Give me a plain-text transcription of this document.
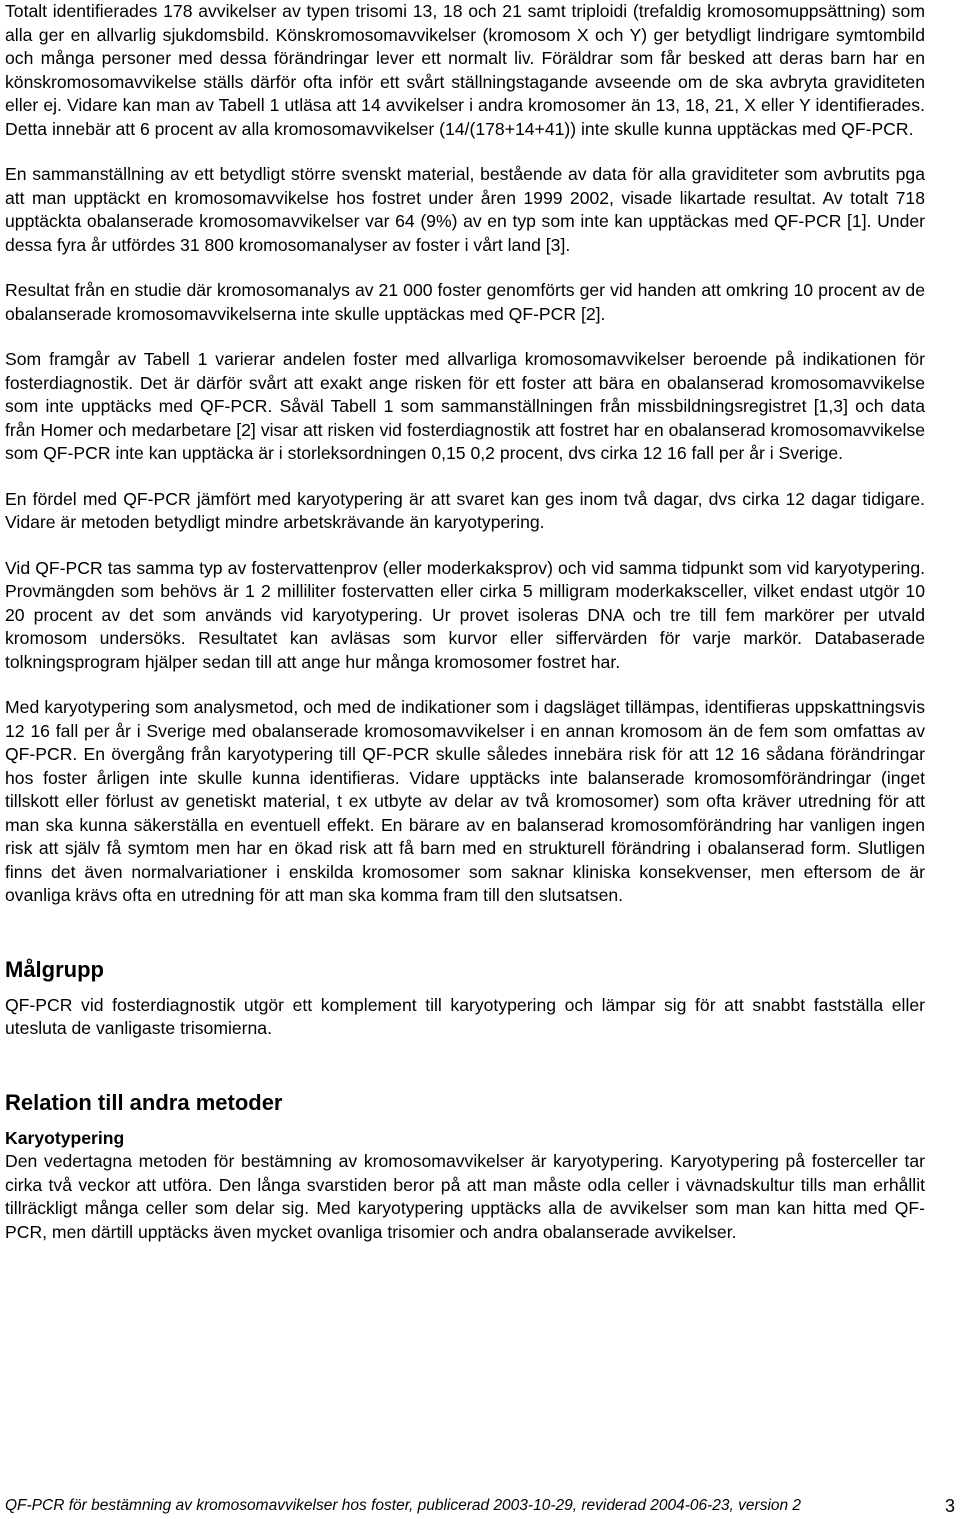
Totalt identifierades 178 avvikelser av typen trisomi 13, 18 och 21 samt triploidi (trefaldig kromosomuppsättning) som alla ger en allvarlig sjukdomsbild. Könskromosomavvikelser (kromosom X och Y) ger betydligt lindrigare symtombild och många personer med dessa förändringar lever ett normalt liv. Föräldrar som får besked att deras barn har en könskromosomavvikelse ställs därför ofta inför ett svårt ställningstagande avseende om de ska avbryta graviditeten eller ej. Vidare kan man av Tabell 1 utläsa att 14 avvikelser i andra kromosomer än 13, 18, 21, X eller Y identifierades. Detta innebär att 6 procent av alla kromosomavvikelser (14/(178+14+41)) inte skulle kunna upptäckas med QF-PCR.

En sammanställning av ett betydligt större svenskt material, bestående av data för alla graviditeter som avbrutits pga att man upptäckt en kromosomavvikelse hos fostret under åren 1999 2002, visade likartade resultat. Av totalt 718 upptäckta obalanserade kromosomavvikelser var 64 (9%) av en typ som inte kan upptäckas med QF-PCR [1]. Under dessa fyra år utfördes 31 800 kromosomanalyser av foster i vårt land [3].

Resultat från en studie där kromosomanalys av 21 000 foster genomförts ger vid handen att omkring 10 procent av de obalanserade kromosomavvikelserna inte skulle upptäckas med QF-PCR [2].

Som framgår av Tabell 1 varierar andelen foster med allvarliga kromosomavvikelser beroende på indikationen för fosterdiagnostik. Det är därför svårt att exakt ange risken för ett foster att bära en obalanserad kromosomavvikelse som inte upptäcks med QF-PCR. Såväl Tabell 1 som sammanställningen från missbildningsregistret [1,3] och data från Homer och medarbetare [2] visar att risken vid fosterdiagnostik att fostret har en obalanserad kromosomavvikelse som QF-PCR inte kan upptäcka är i storleksordningen 0,15 0,2 procent, dvs cirka 12 16 fall per år i Sverige.

En fördel med QF-PCR jämfört med karyotypering är att svaret kan ges inom två dagar, dvs cirka 12 dagar tidigare. Vidare är metoden betydligt mindre arbetskrävande än karyotypering.

Vid QF-PCR tas samma typ av fostervattenprov (eller moderkaksprov) och vid samma tidpunkt som vid karyotypering. Provmängden som behövs är 1 2 milliliter fostervatten eller cirka 5 milligram moderkaksceller, vilket endast utgör 10 20 procent av det som används vid karyotypering. Ur provet isoleras DNA och tre till fem markörer per utvald kromosom undersöks. Resultatet kan avläsas som kurvor eller siffervärden för varje markör. Databaserade tolkningsprogram hjälper sedan till att ange hur många kromosomer fostret har.

Med karyotypering som analysmetod, och med de indikationer som i dagsläget tillämpas, identifieras uppskattningsvis 12 16 fall per år i Sverige med obalanserade kromosomavvikelser i en annan kromosom än de fem som omfattas av QF-PCR. En övergång från karyotypering till QF-PCR skulle således innebära risk för att 12 16 sådana förändringar hos foster årligen inte skulle kunna identifieras. Vidare upptäcks inte balanserade kromosomförändringar (inget tillskott eller förlust av genetiskt material, t ex utbyte av delar av två kromosomer) som ofta kräver utredning för att man ska kunna säkerställa en eventuell effekt. En bärare av en balanserad kromosomförändring har vanligen ingen risk att själv få symtom men har en ökad risk att få barn med en strukturell förändring i obalanserad form. Slutligen finns det även normalvariationer i enskilda kromosomer som saknar kliniska konsekvenser, men eftersom de är ovanliga krävs ofta en utredning för att man ska komma fram till den slutsatsen.

Målgrupp

QF-PCR vid fosterdiagnostik utgör ett komplement till karyotypering och lämpar sig för att snabbt fastställa eller utesluta de vanligaste trisomierna.

Relation till andra metoder
Karyotypering

Den vedertagna metoden för bestämning av kromosomavvikelser är karyotypering. Karyotypering på fosterceller tar cirka två veckor att utföra. Den långa svarstiden beror på att man måste odla celler i vävnadskultur tills man erhållit tillräckligt många celler som delar sig. Med karyotypering upptäcks alla de avvikelser som man kan hitta med QF-PCR, men därtill upptäcks även mycket ovanliga trisomier och andra obalanserade avvikelser.

QF-PCR för bestämning av kromosomavvikelser hos foster, publicerad 2003-10-29, reviderad 2004-06-23, version 2	3
